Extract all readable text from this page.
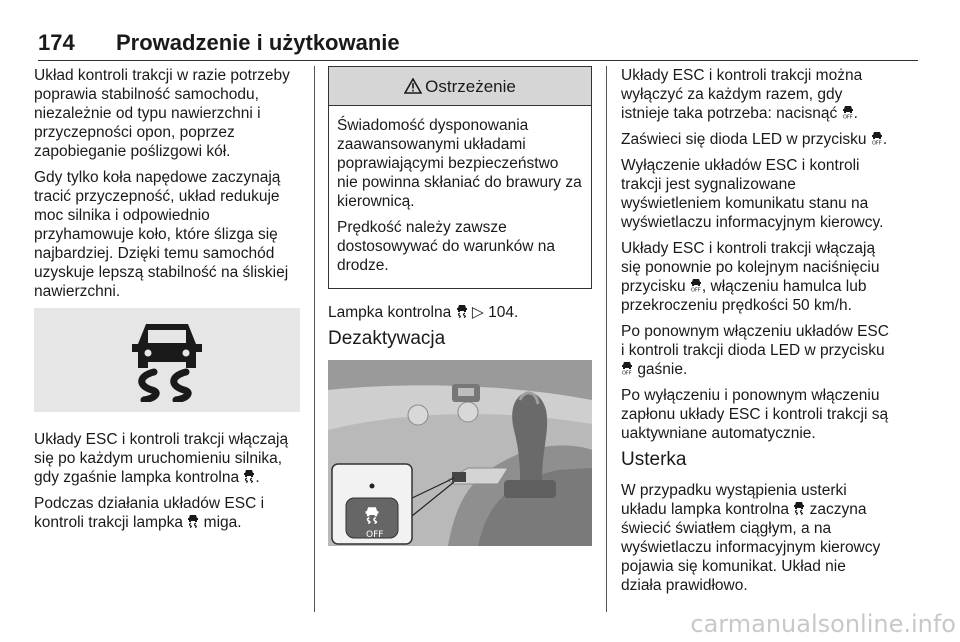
174 Prowadzenie i użytkowanie

Układ kontroli trakcji w razie potrzeby poprawia stabilność samochodu, niezależnie od typu nawierzchni i przyczepności opon, poprzez zapobieganie poślizgowi kół.

Gdy tylko koła napędowe zaczynają tracić przyczepność, układ redukuje moc silnika i odpowiednio przyhamowuje koło, które ślizga się najbardziej. Dzięki temu samochód uzyskuje lepszą stabilność na śliskiej nawierzchni.

Układy ESC i kontroli trakcji włączają się po każdym uruchomieniu silnika, gdy zgaśnie lampka kontrolna .

Podczas działania układów ESC i kontroli trakcji lampka miga.

Ostrzeżenie

Świadomość dysponowania zaawansowanymi układami poprawiającymi bezpieczeństwo nie powinna skłaniać do brawury za kierownicą.

Prędkość należy zawsze dostosowywać do warunków na drodze.

Lampka kontrolna ▷ 104.

Dezaktywacja
OFF

Układy ESC i kontroli trakcji można wyłączyć za każdym razem, gdy istnieje taka potrzeba: nacisnąć OFF .

Zaświeci się dioda LED w przycisku OFF .

Wyłączenie układów ESC i kontroli trakcji jest sygnalizowane wyświetleniem komunikatu stanu na wyświetlaczu informacyjnym kierowcy.

Układy ESC i kontroli trakcji włączają się ponownie po kolejnym naciśnięciu przycisku OFF , włączeniu hamulca lub przekroczeniu prędkości 50 km/h.

Po ponownym włączeniu układów ESC i kontroli trakcji dioda LED w przycisku
OFF gaśnie.

Po wyłączeniu i ponownym włączeniu zapłonu układy ESC i kontroli trakcji są uaktywniane automatycznie.

Usterka

W przypadku wystąpienia usterki układu lampka kontrolna zaczyna świecić światłem ciągłym, a na wyświetlaczu informacyjnym kierowcy pojawia się komunikat. Układ nie działa prawidłowo.

carmanualsonline.info
